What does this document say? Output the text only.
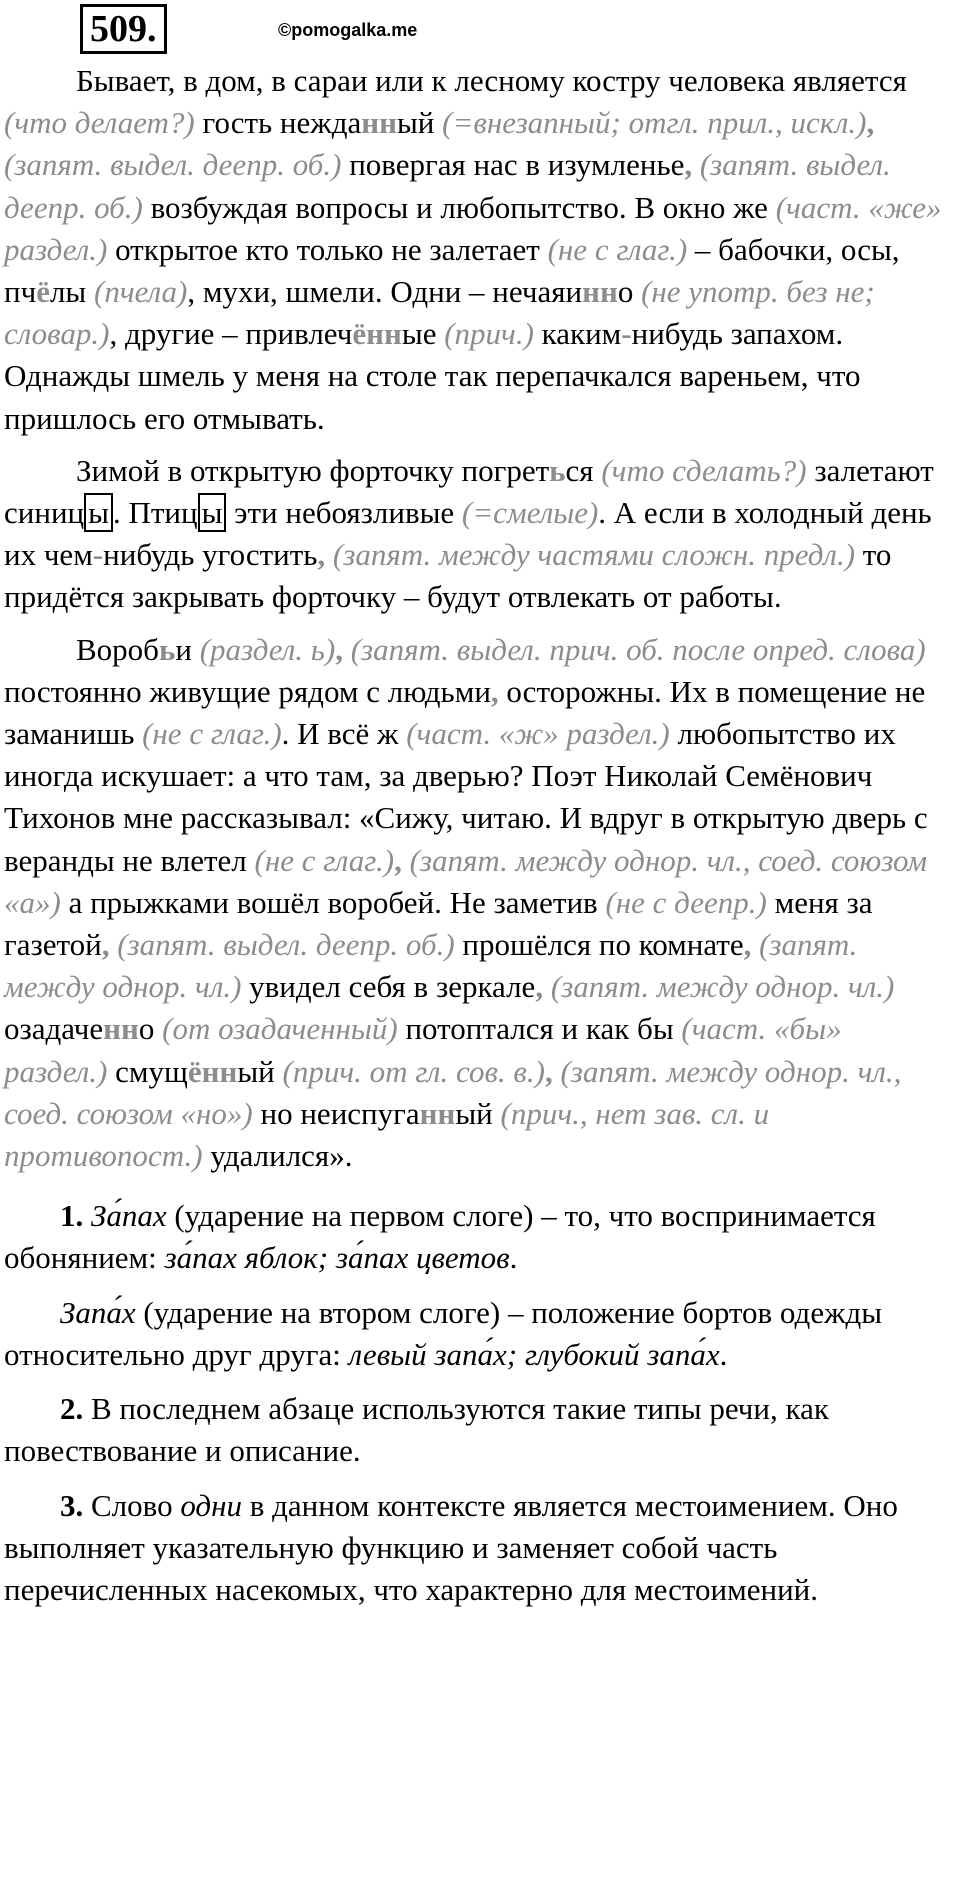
509.	©pomogalka.me

Бывает, в дом, в сараи или к лесному костру человека является (что делает?) гость нежданный (=внезапный; отгл. прил., искл.), (запят. выдел. деепр. об.) повергая нас в изумленье, (запят. выдел. деепр. об.) возбуждая вопросы и любопытство. В окно же (част. «же» раздел.) открытое кто только не залетает (не с глаг.) – бабочки, осы, пчёлы (пчела), мухи, шмели. Одни – нечаяинно (не употр. без не; словар.), другие – привлечённые (прич.) каким-нибудь запахом. Однажды шмель у меня на столе так перепачкался вареньем, что пришлось его отмывать.

Зимой в открытую форточку погреться (что сделать?) залетают синиц ы . Птиц ы эти небоязливые (=смелые). А если в холодный день их чем-нибудь угостить, (запят. между частями сложн. предл.) то придётся закрывать форточку – будут отвлекать от работы.

Воробьи (раздел. ь), (запят. выдел. прич. об. после опред. слова) постоянно живущие рядом с людьми, осторожны. Их в помещение не заманишь (не с глаг.). И всё ж (част. «ж» раздел.) любопытство их иногда искушает: а что там, за дверью? Поэт Николай Семёнович Тихонов мне рассказывал: «Сижу, читаю. И вдруг в открытую дверь с веранды не влетел (не с глаг.), (запят. между однор. чл., соед. союзом «а») а прыжками вошёл воробей. Не заметив (не с деепр.) меня за газетой, (запят. выдел. деепр. об.) прошёлся по комнате, (запят. между однор. чл.) увидел себя в зеркале, (запят. между однор. чл.) озадаченно (от озадаченный) потоптался и как бы (част. «бы» раздел.) смущённый (прич. от гл. сов. в.), (запят. между однор. чл., соед. союзом «но») но неиспуганный (прич., нет зав. сл. и противопост.) удалился».

1. За́пах (ударение на первом слоге) – то, что воспринимается обонянием: за́пах яблок; за́пах цветов.

Запа́х (ударение на втором слоге) – положение бортов одежды относительно друг друга: левый запа́х; глубокий запа́х.

2. В последнем абзаце используются такие типы речи, как повествование и описание.

3. Слово одни в данном контексте является местоимением. Оно выполняет указательную функцию и заменяет собой часть перечисленных насекомых, что характерно для местоимений.
